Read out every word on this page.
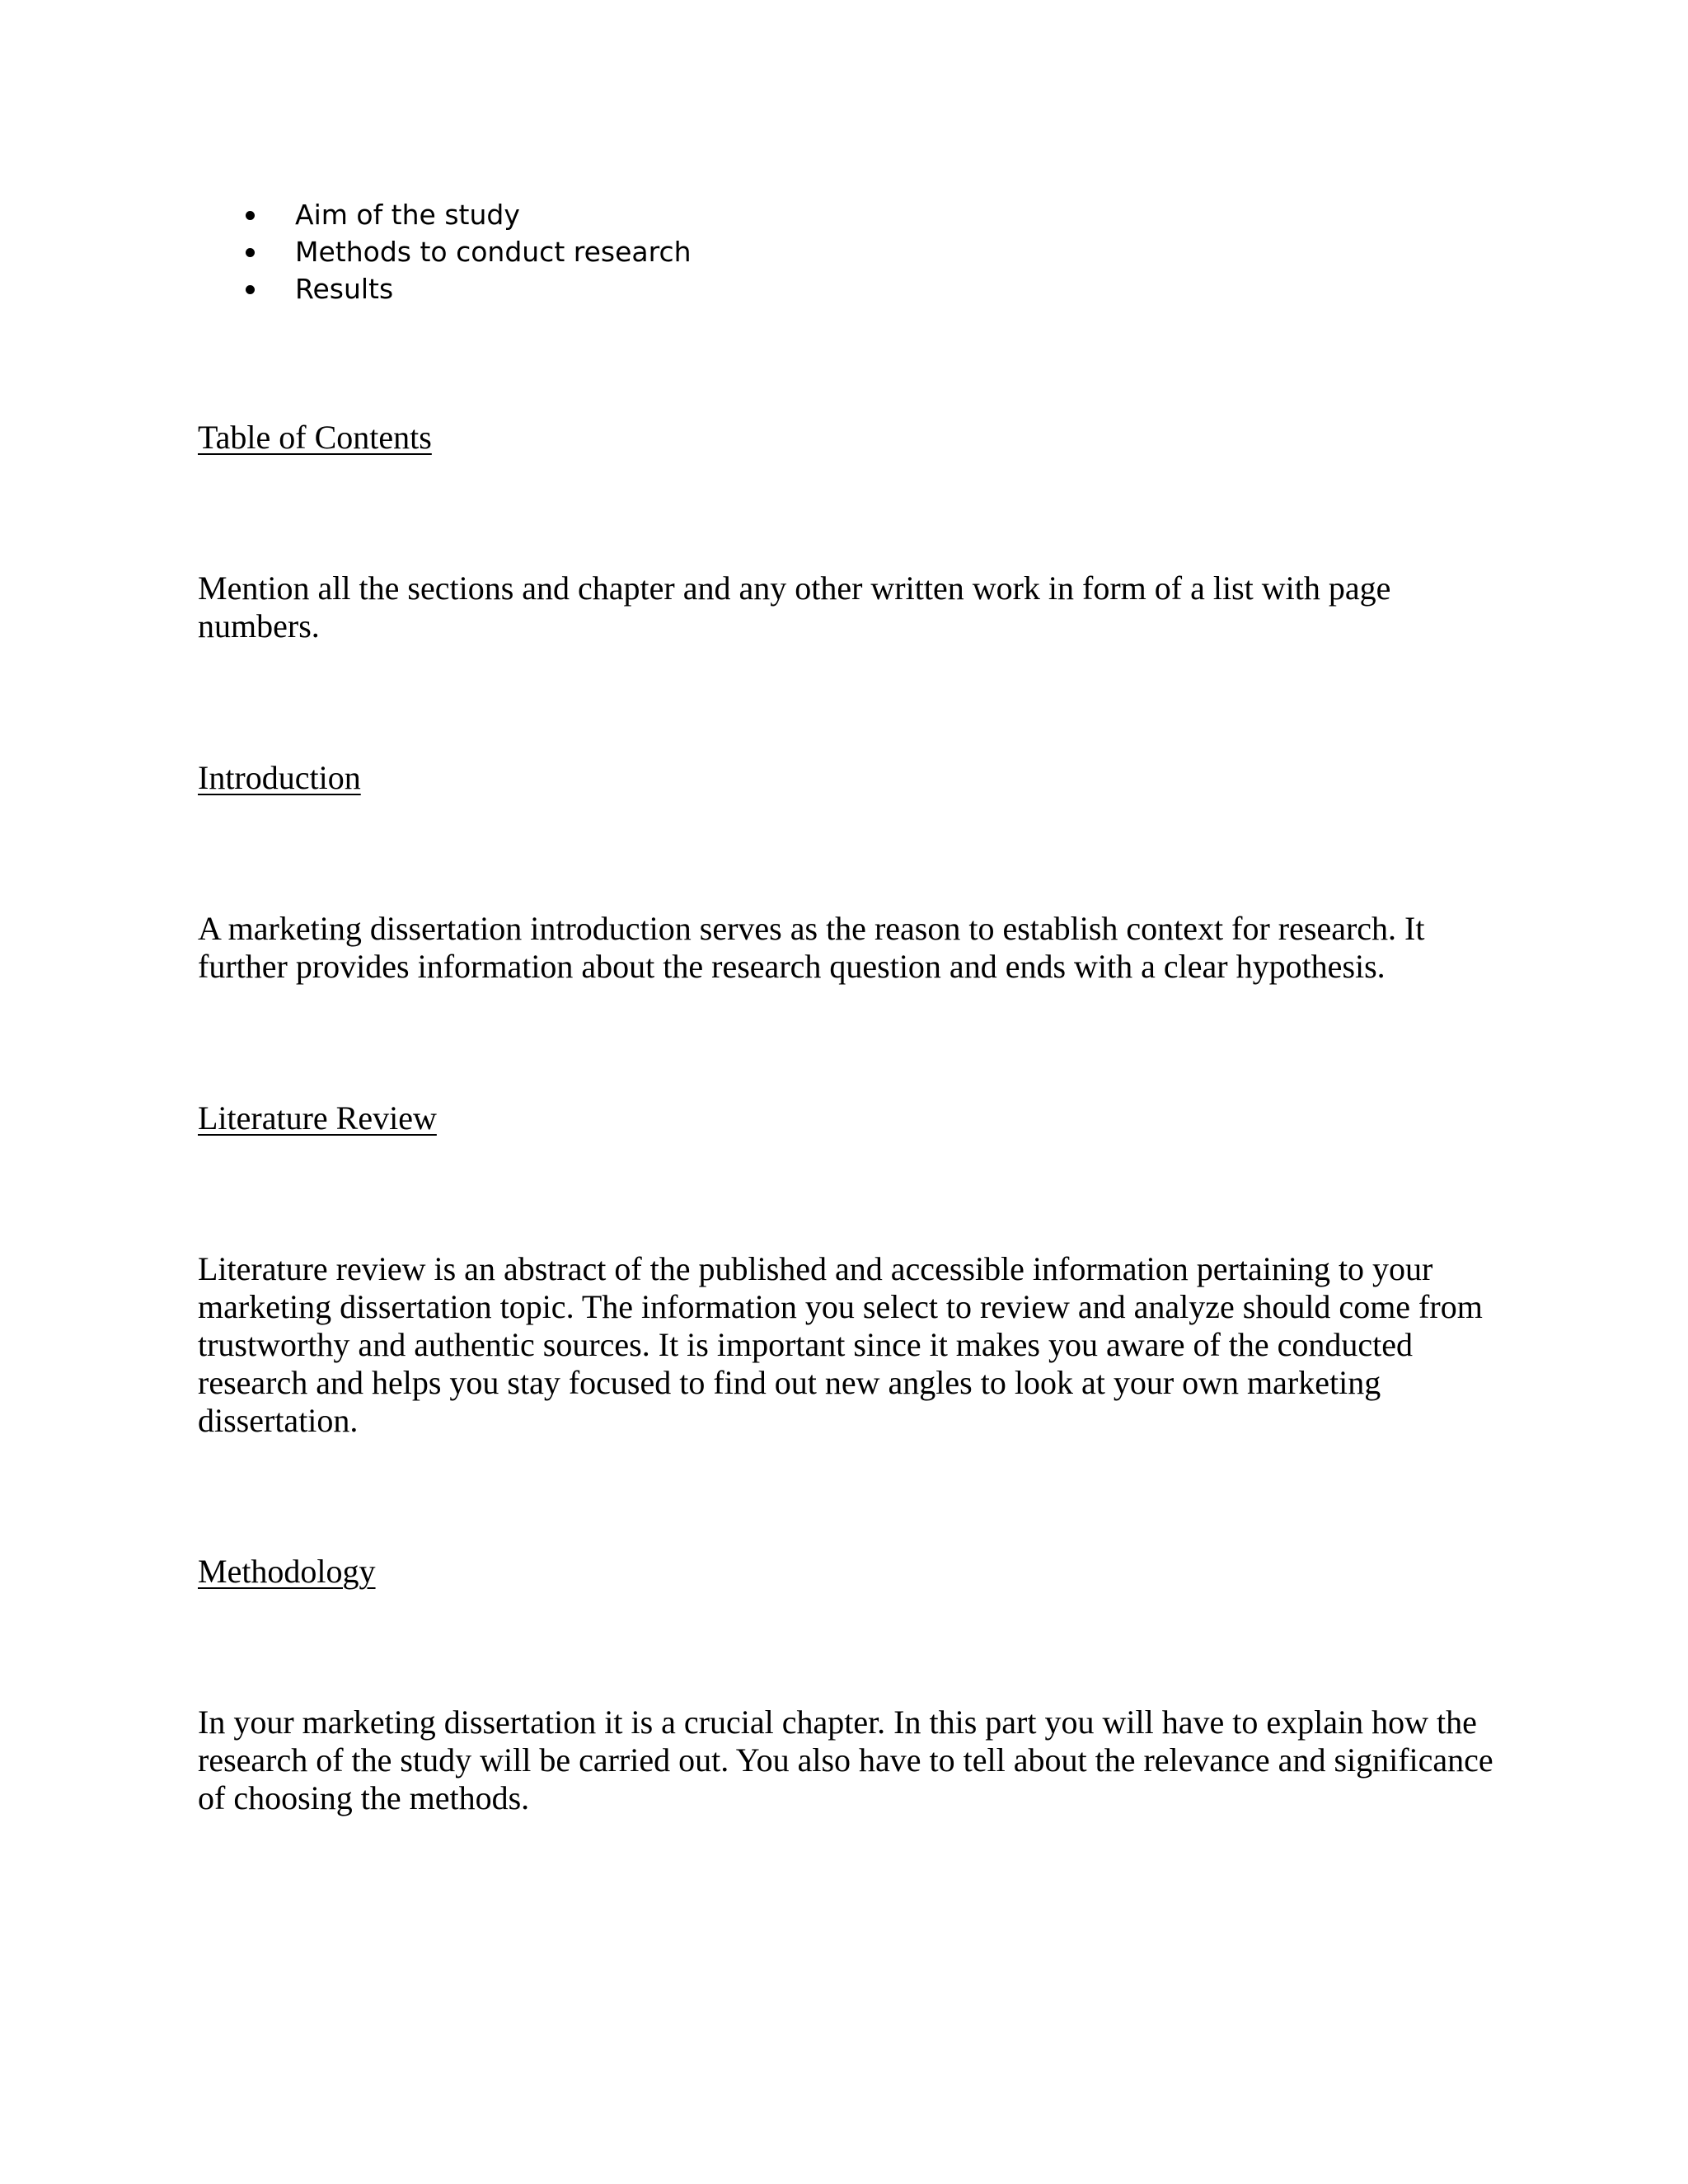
Aim of the study
Methods to conduct research
Results
Table of Contents

Mention all the sections and chapter and any other written work in form of a list with page numbers.

Introduction

A marketing dissertation introduction serves as the reason to establish context for research. It further provides information about the research question and ends with a clear hypothesis.

Literature Review

Literature review is an abstract of the published and accessible information pertaining to your marketing dissertation topic. The information you select to review and analyze should come from trustworthy and authentic sources. It is important since it makes you aware of the conducted research and helps you stay focused to find out new angles to look at your own marketing dissertation.

Methodology

In your marketing dissertation it is a crucial chapter. In this part you will have to explain how the research of the study will be carried out. You also have to tell about the relevance and significance of choosing the methods.
